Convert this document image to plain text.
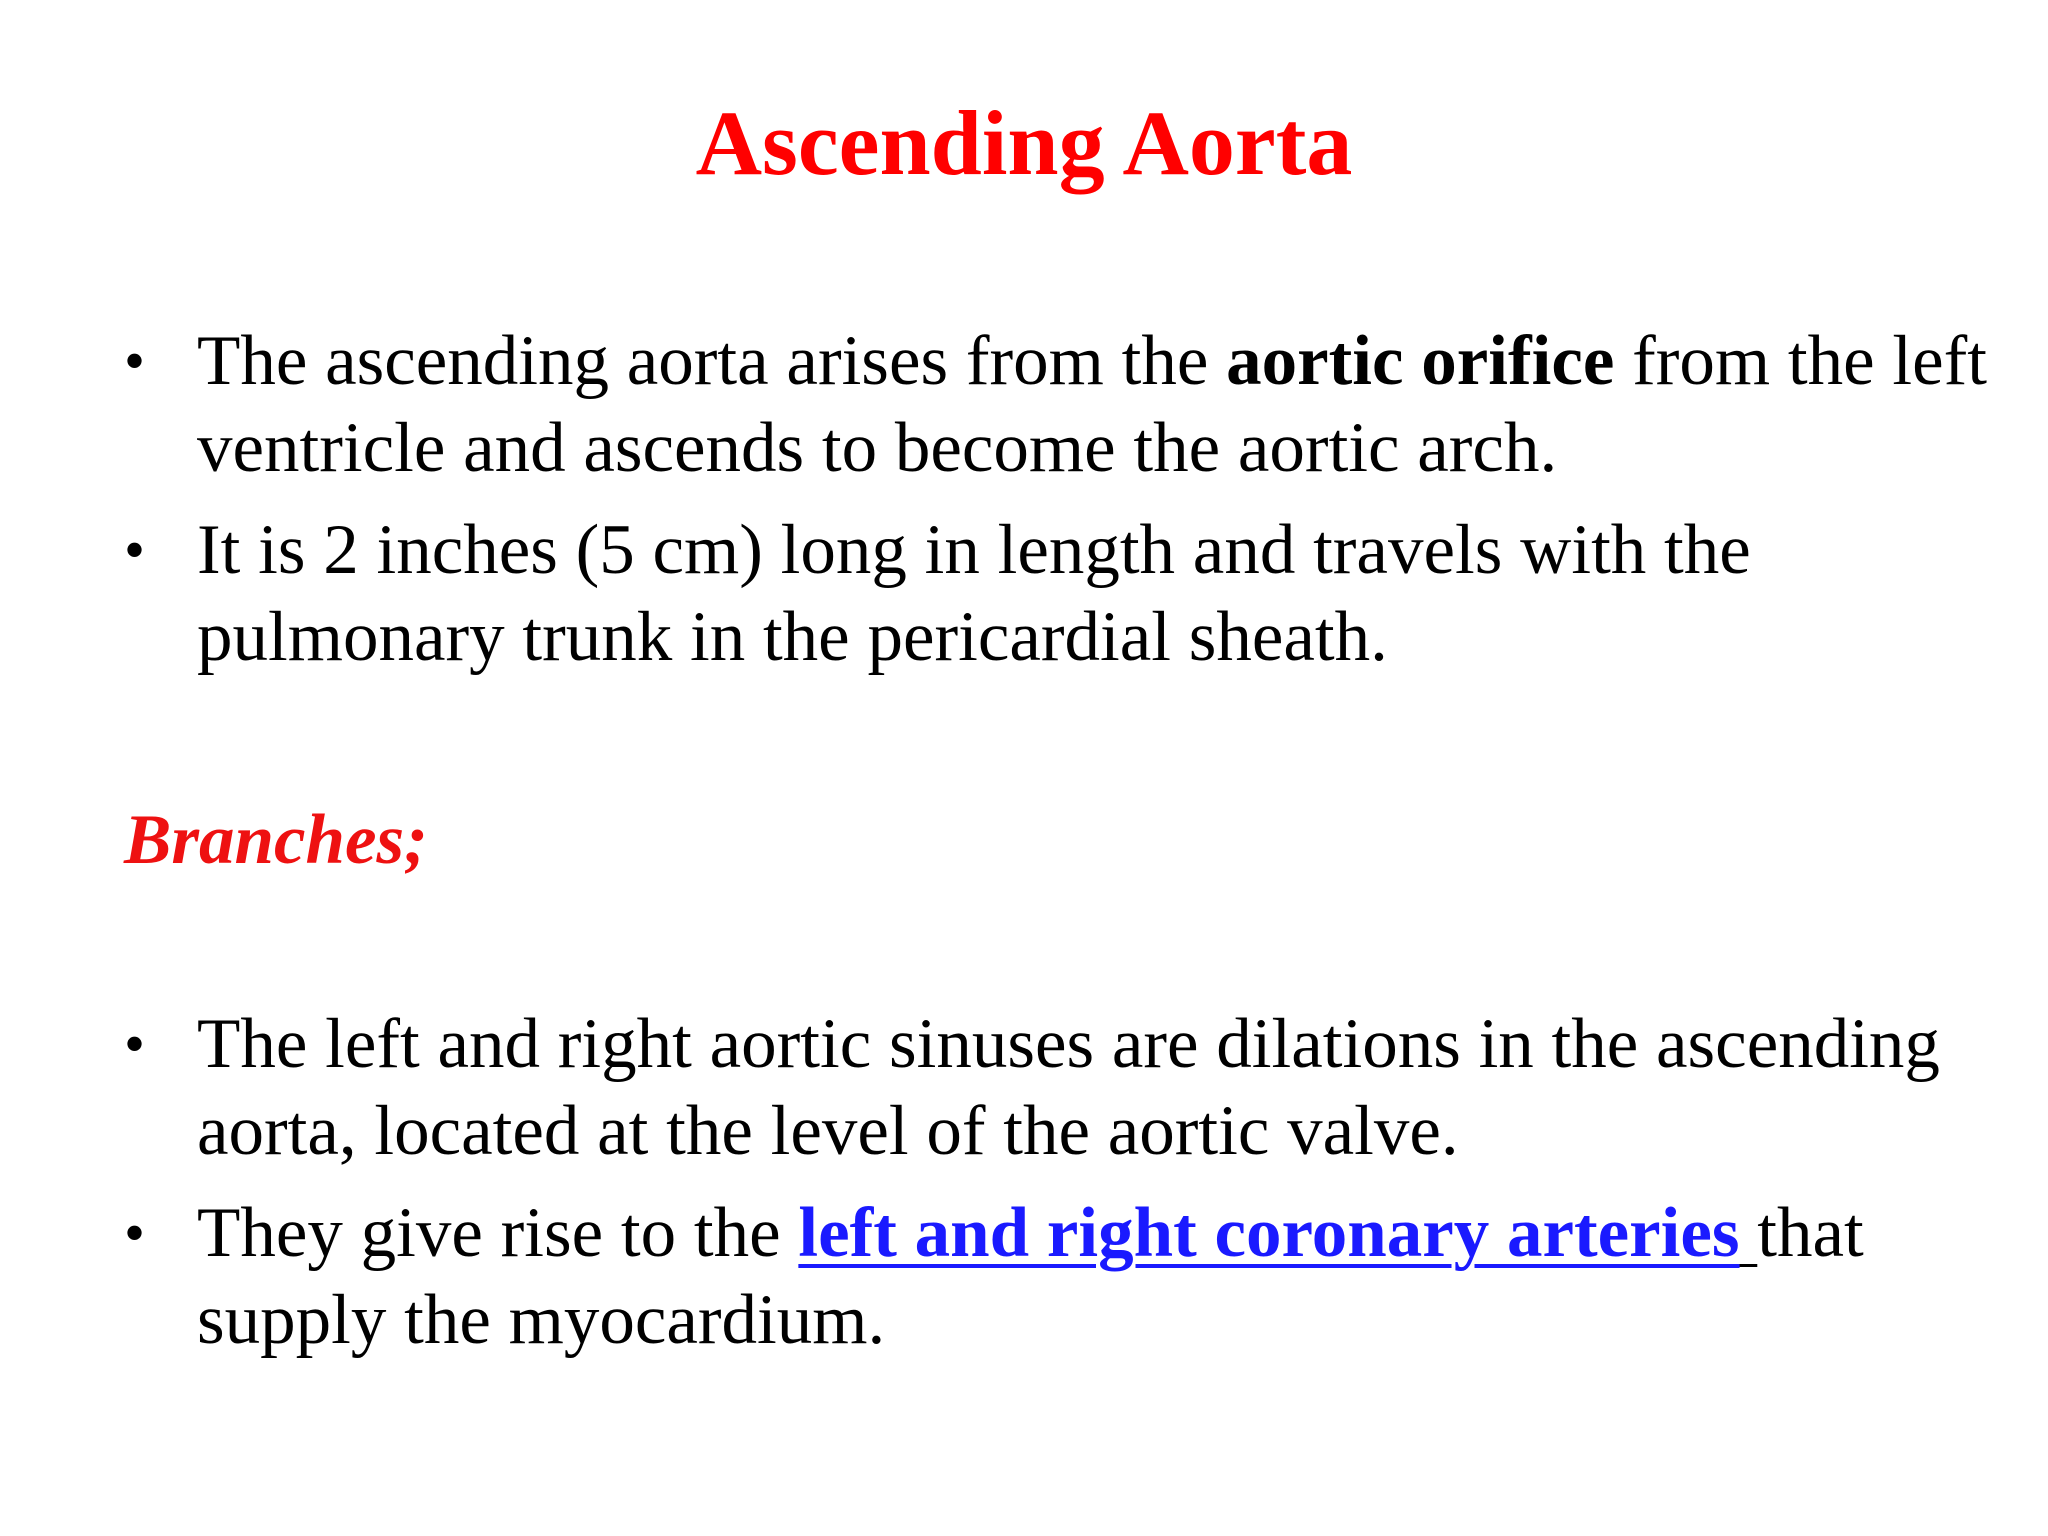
Ascending Aorta
• The ascending aorta arises from the aortic orifice from the left ventricle and ascends to become the aortic arch.
• It is 2 inches (5 cm) long in length and travels with the pulmonary trunk in the pericardial sheath.
Branches;
• The left and right aortic sinuses are dilations in the ascending aorta, located at the level of the aortic valve.
• They give rise to the left and right coronary arteries that supply the myocardium.
